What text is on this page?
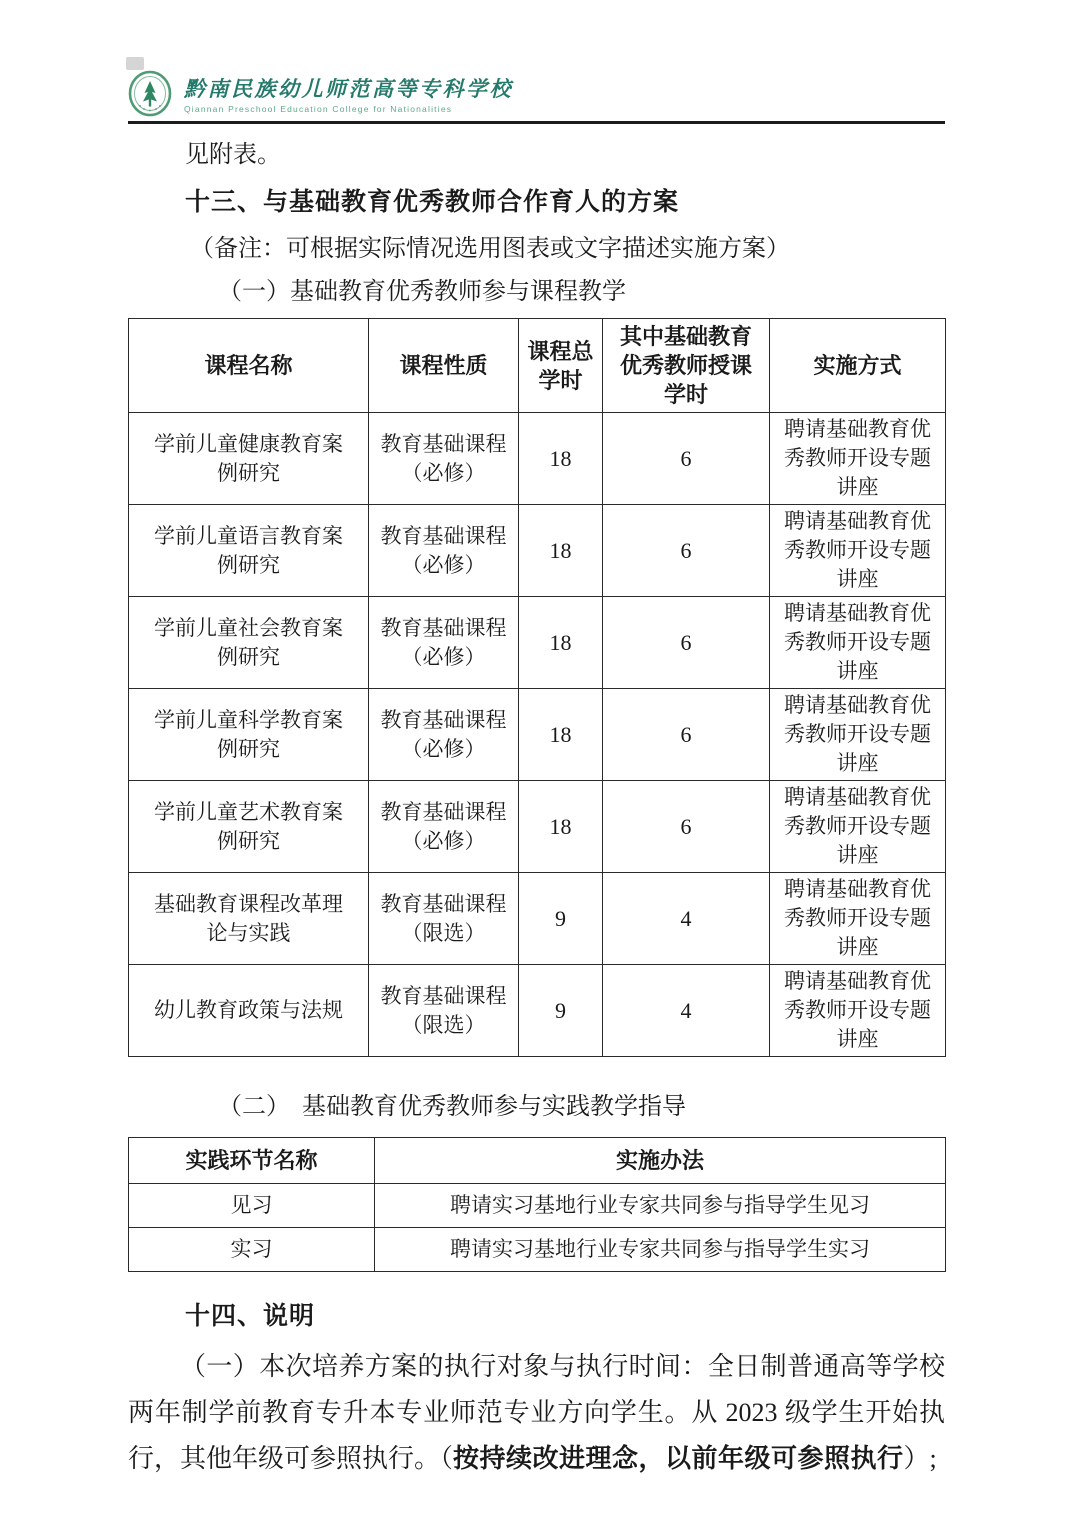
黔南民族幼儿师范高等专科学校
Qiannan Preschool Education College for Nationalities

见附表。

十三、与基础教育优秀教师合作育人的方案

（备注：可根据实际情况选用图表或文字描述实施方案）

（一）基础教育优秀教师参与课程教学

课程名称	课程性质	课程总学时	其中基础教育优秀教师授课学时	实施方式
学前儿童健康教育案例研究	教育基础课程（必修）	18	6	聘请基础教育优秀教师开设专题讲座
学前儿童语言教育案例研究	教育基础课程（必修）	18	6	聘请基础教育优秀教师开设专题讲座
学前儿童社会教育案例研究	教育基础课程（必修）	18	6	聘请基础教育优秀教师开设专题讲座
学前儿童科学教育案例研究	教育基础课程（必修）	18	6	聘请基础教育优秀教师开设专题讲座
学前儿童艺术教育案例研究	教育基础课程（必修）	18	6	聘请基础教育优秀教师开设专题讲座
基础教育课程改革理论与实践	教育基础课程（限选）	9	4	聘请基础教育优秀教师开设专题讲座
幼儿教育政策与法规	教育基础课程（限选）	9	4	聘请基础教育优秀教师开设专题讲座

（二）　基础教育优秀教师参与实践教学指导

实践环节名称	实施办法
见习	聘请实习基地行业专家共同参与指导学生见习
实习	聘请实习基地行业专家共同参与指导学生实习
十四、说明

（一）本次培养方案的执行对象与执行时间：全日制普通高等学校两年制学前教育专升本专业师范专业方向学生。从 2023 级学生开始执行，其他年级可参照执行。（按持续改进理念，以前年级可参照执行）;
